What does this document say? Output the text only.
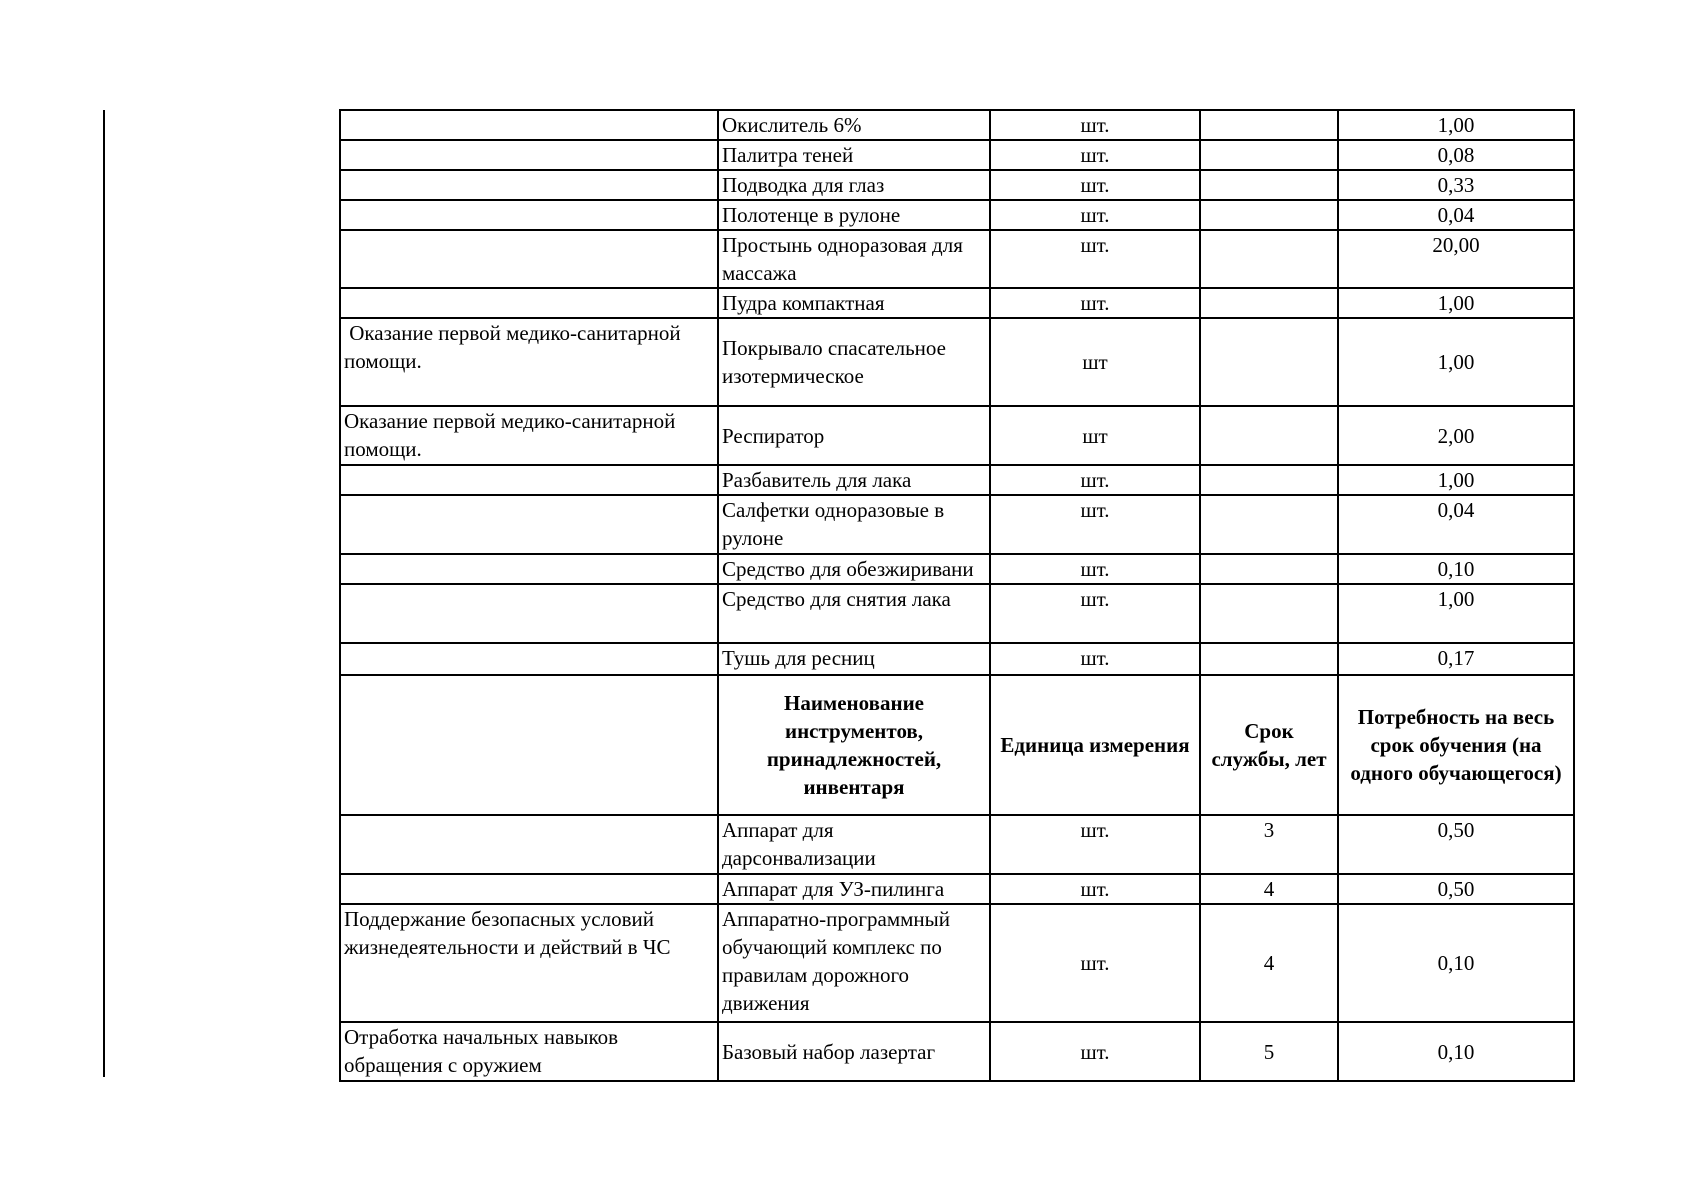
	Окислитель 6%	шт.		1,00
	Палитра теней	шт.		0,08
	Подводка для глаз	шт.		0,33
	Полотенце в рулоне	шт.		0,04
	Простынь одноразовая для массажа	шт.		20,00
	Пудра компактная	шт.		1,00
Оказание первой медико-санитарной помощи.	Покрывало спасательное изотермическое	шт		1,00
Оказание первой медико-санитарной помощи.	Респиратор	шт		2,00
	Разбавитель для лака	шт.		1,00
	Салфетки одноразовые в рулоне	шт.		0,04
	Средство для обезжиривани	шт.		0,10
	Средство для снятия лака	шт.		1,00
	Тушь для ресниц	шт.		0,17
	Наименование инструментов, принадлежностей, инвентаря	Единица измерения	Срок службы, лет	Потребность на весь срок обучения (на одного обучающегося)
	Аппарат для дарсонвализации	шт.	3	0,50
	Аппарат для УЗ-пилинга	шт.	4	0,50
Поддержание безопасных условий жизнедеятельности и действий в ЧС	Аппаратно-программный обучающий комплекс по правилам дорожного движения	шт.	4	0,10
Отработка начальных навыков обращения с оружием	Базовый набор лазертаг	шт.	5	0,10
